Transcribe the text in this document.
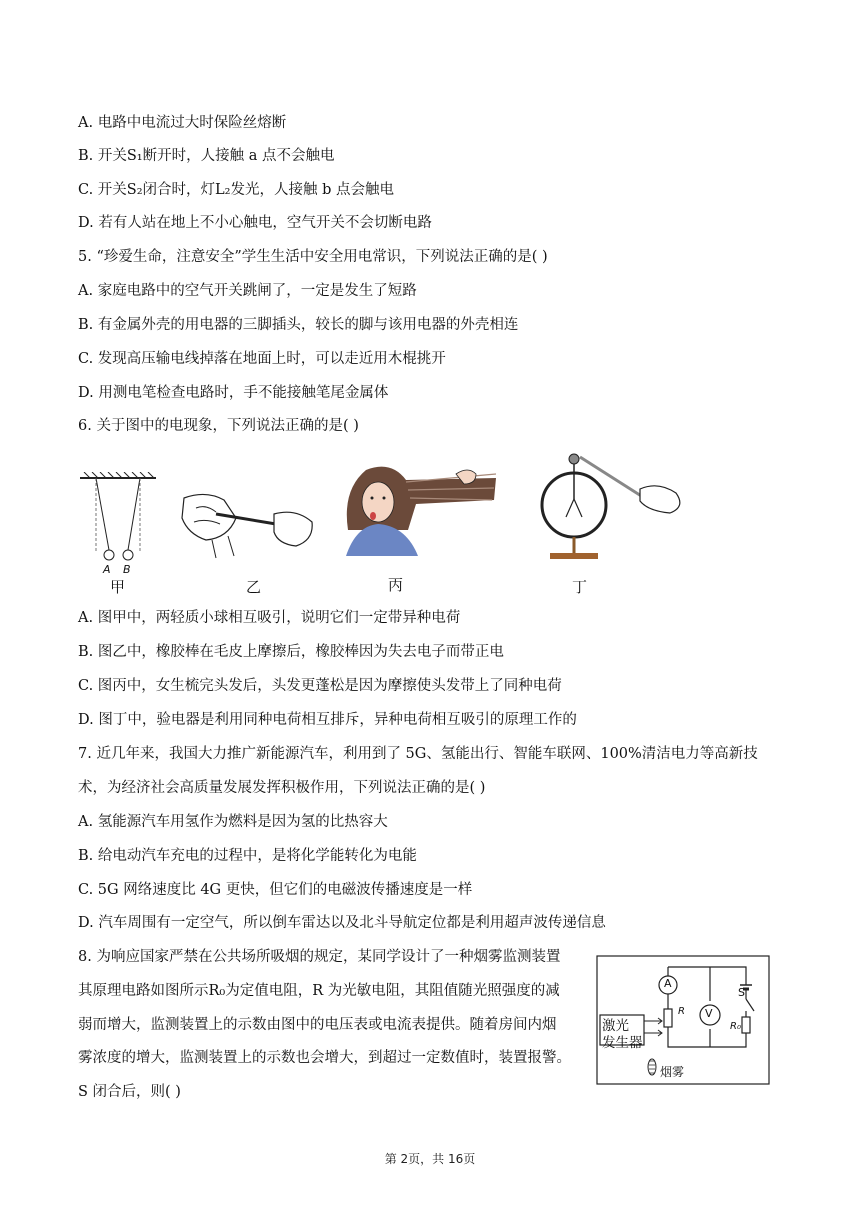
A. 电路中电流过大时保险丝熔断
B. 开关S₁断开时，人接触 a 点不会触电
C. 开关S₂闭合时，灯L₂发光，人接触 b 点会触电
D. 若有人站在地上不小心触电，空气开关不会切断电路
5. “珍爱生命，注意安全”学生生活中安全用电常识，下列说法正确的是( )
A. 家庭电路中的空气开关跳闸了，一定是发生了短路
B. 有金属外壳的用电器的三脚插头，较长的脚与该用电器的外壳相连
C. 发现高压输电线掉落在地面上时，可以走近用木棍挑开
D. 用测电笔检查电路时，手不能接触笔尾金属体
6. 关于图中的电现象，下列说法正确的是( )
A B
甲	乙	丙	丁
A. 图甲中，两轻质小球相互吸引，说明它们一定带异种电荷
B. 图乙中，橡胶棒在毛皮上摩擦后，橡胶棒因为失去电子而带正电
C. 图丙中，女生梳完头发后，头发更蓬松是因为摩擦使头发带上了同种电荷
D. 图丁中，验电器是利用同种电荷相互排斥，异种电荷相互吸引的原理工作的
7. 近几年来，我国大力推广新能源汽车，利用到了 5G、氢能出行、智能车联网、100%清洁电力等高新技
术，为经济社会高质量发展发挥积极作用，下列说法正确的是( )
A. 氢能源汽车用氢作为燃料是因为氢的比热容大
B. 给电动汽车充电的过程中，是将化学能转化为电能
C. 5G 网络速度比 4G 更快，但它们的电磁波传播速度是一样
D. 汽车周围有一定空气，所以倒车雷达以及北斗导航定位都是利用超声波传递信息
8. 为响应国家严禁在公共场所吸烟的规定，某同学设计了一种烟雾监测装置
其原理电路如图所示R₀为定值电阻，R 为光敏电阻，其阻值随光照强度的减
弱而增大，监测装置上的示数由图中的电压表或电流表提供。随着房间内烟
雾浓度的增大，监测装置上的示数也会增大，到超过一定数值时，装置报警。
S 闭合后，则( )
激光
发生器
A
V
S
R
R₀
烟雾
第 2页，共 16页
